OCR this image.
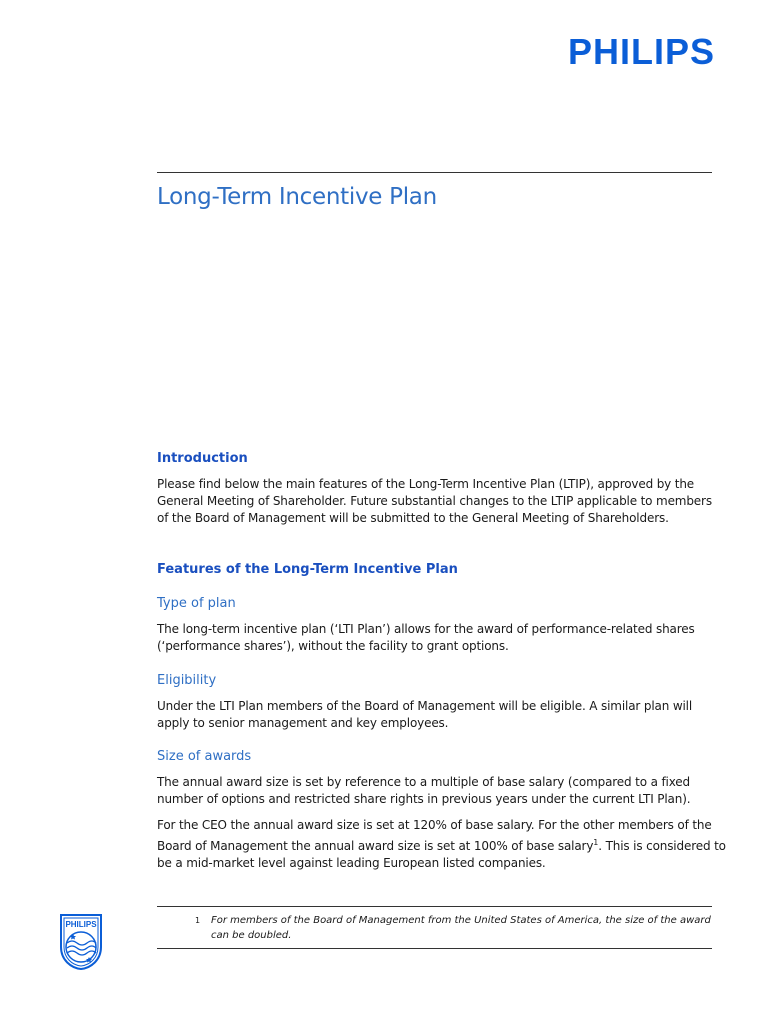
PHILIPS
Long-Term Incentive Plan
Introduction
Please find below the main features of the Long-Term Incentive Plan (LTIP), approved by the
General Meeting of Shareholder. Future substantial changes to the LTIP applicable to members
of the Board of Management will be submitted to the General Meeting of Shareholders.
Features of the Long-Term Incentive Plan
Type of plan
The long-term incentive plan (‘LTI Plan’) allows for the award of performance-related shares
(‘performance shares’), without the facility to grant options.
Eligibility
Under the LTI Plan members of the Board of Management will be eligible. A similar plan will
apply to senior management and key employees.
Size of awards
The annual award size is set by reference to a multiple of base salary (compared to a fixed
number of options and restricted share rights in previous years under the current LTI Plan).
For the CEO the annual award size is set at 120% of base salary. For the other members of the
Board of Management the annual award size is set at 100% of base salary$^1$. This is considered to
be a mid-market level against leading European listed companies.
1	For members of the Board of Management from the United States of America, the size of the award
can be doubled.
PHILIPS
